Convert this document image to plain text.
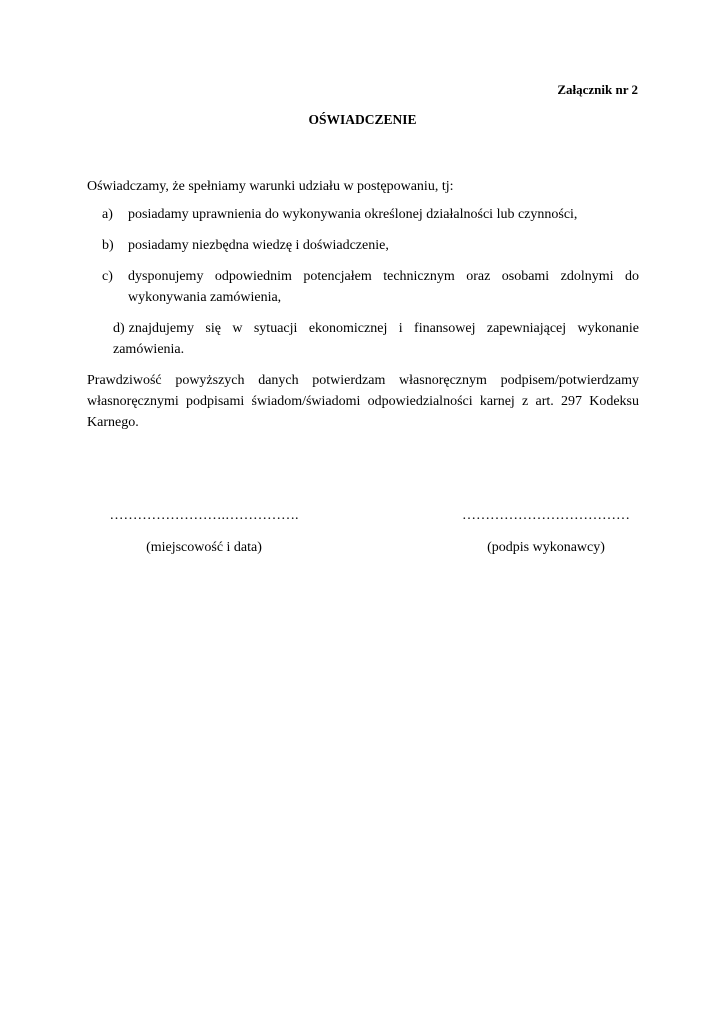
Załącznik nr 2
OŚWIADCZENIE
Oświadczamy, że spełniamy warunki udziału w postępowaniu, tj:
a) posiadamy uprawnienia do wykonywania określonej działalności lub czynności,
b) posiadamy niezbędna wiedzę i doświadczenie,
c) dysponujemy odpowiednim potencjałem technicznym oraz osobami zdolnymi do wykonywania zamówienia,
d) znajdujemy się w sytuacji ekonomicznej i finansowej zapewniającej wykonanie zamówienia.
Prawdziwość powyższych danych potwierdzam własnoręcznym podpisem/potwierdzamy własnoręcznymi podpisami świadom/świadomi odpowiedzialności karnej z art. 297 Kodeksu Karnego.
…………………….…………….
(miejscowość i data)
………………………………
(podpis wykonawcy)
